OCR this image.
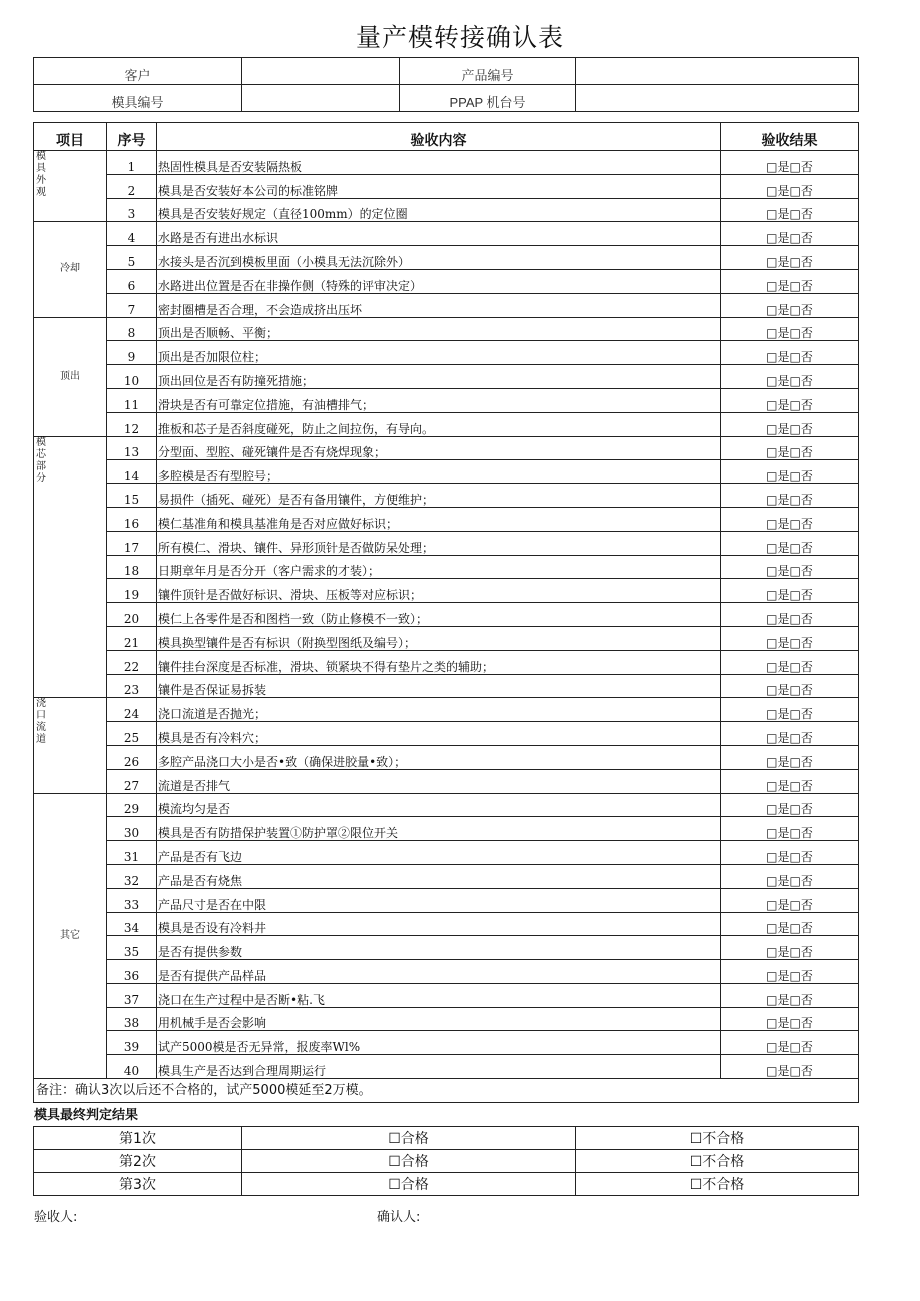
量产模转接确认表
客户		产品编号	
模具编号		PPAP 机台号	
项目	序号	验收内容	验收结果

模具外观	1	热固性模具是否安装隔热板	□是□否
	2	模具是否安装好本公司的标准铭牌	□是□否
	3	模具是否安装好规定（直径100mm）的定位圈	□是□否
冷却	4	水路是否有进出水标识	□是□否
	5	水接头是否沉到模板里面（小模具无法沉除外）	□是□否
	6	水路进出位置是否在非操作侧（特殊的评审决定）	□是□否
	7	密封圈槽是否合理，不会造成挤出压坏	□是□否
顶出	8	顶出是否顺畅、平衡；	□是□否
	9	顶出是否加限位柱；	□是□否
	10	顶出回位是否有防撞死措施；	□是□否
	11	滑块是否有可靠定位措施，有油槽排气；	□是□否
	12	推板和芯子是否斜度碰死，防止之间拉伤，有导向。	□是□否

模芯部分	13	分型面、型腔、碰死镶件是否有烧焊现象；	□是□否
	14	多腔模是否有型腔号；	□是□否
	15	易损件（插死、碰死）是否有备用镶件，方便维护；	□是□否
	16	模仁基准角和模具基准角是否对应做好标识；	□是□否
	17	所有模仁、滑块、镶件、异形顶针是否做防呆处理；	□是□否
	18	日期章年月是否分开（客户需求的才装）；	□是□否
	19	镶件顶针是否做好标识、滑块、压板等对应标识；	□是□否
	20	模仁上各零件是否和图档一致（防止修模不一致）；	□是□否
	21	模具换型镶件是否有标识（附换型图纸及编号）；	□是□否
	22	镶件挂台深度是否标准，滑块、锁紧块不得有垫片之类的辅助；	□是□否
	23	镶件是否保证易拆装	□是□否

浇口流道	24	浇口流道是否抛光；	□是□否
	25	模具是否有冷料穴；	□是□否
	26	多腔产品浇口大小是否•致（确保进胶量•致）；	□是□否
	27	流道是否排气	□是□否
其它	29	模流均匀是否	□是□否
	30	模具是否有防措保护装置①防护罩②限位开关	□是□否
	31	产品是否有飞边	□是□否
	32	产品是否有烧焦	□是□否
	33	产品尺寸是否在中限	□是□否
	34	模具是否设有冷料井	□是□否
	35	是否有提供参数	□是□否
	36	是否有提供产品样品	□是□否
	37	浇口在生产过程中是否断•粘.飞	□是□否
	38	用机械手是否会影响	□是□否
	39	试产5000模是否无异常，报废率Wl%	□是□否
	40	模具生产是否达到合理周期运行	□是□否
备注：确认3次以后还不合格的，试产5000模延至2万模。			
模具最终判定结果
第1次	☐合格	☐不合格
第2次	☐合格	☐不合格
第3次	☐合格	☐不合格
验收人:	确认人:
